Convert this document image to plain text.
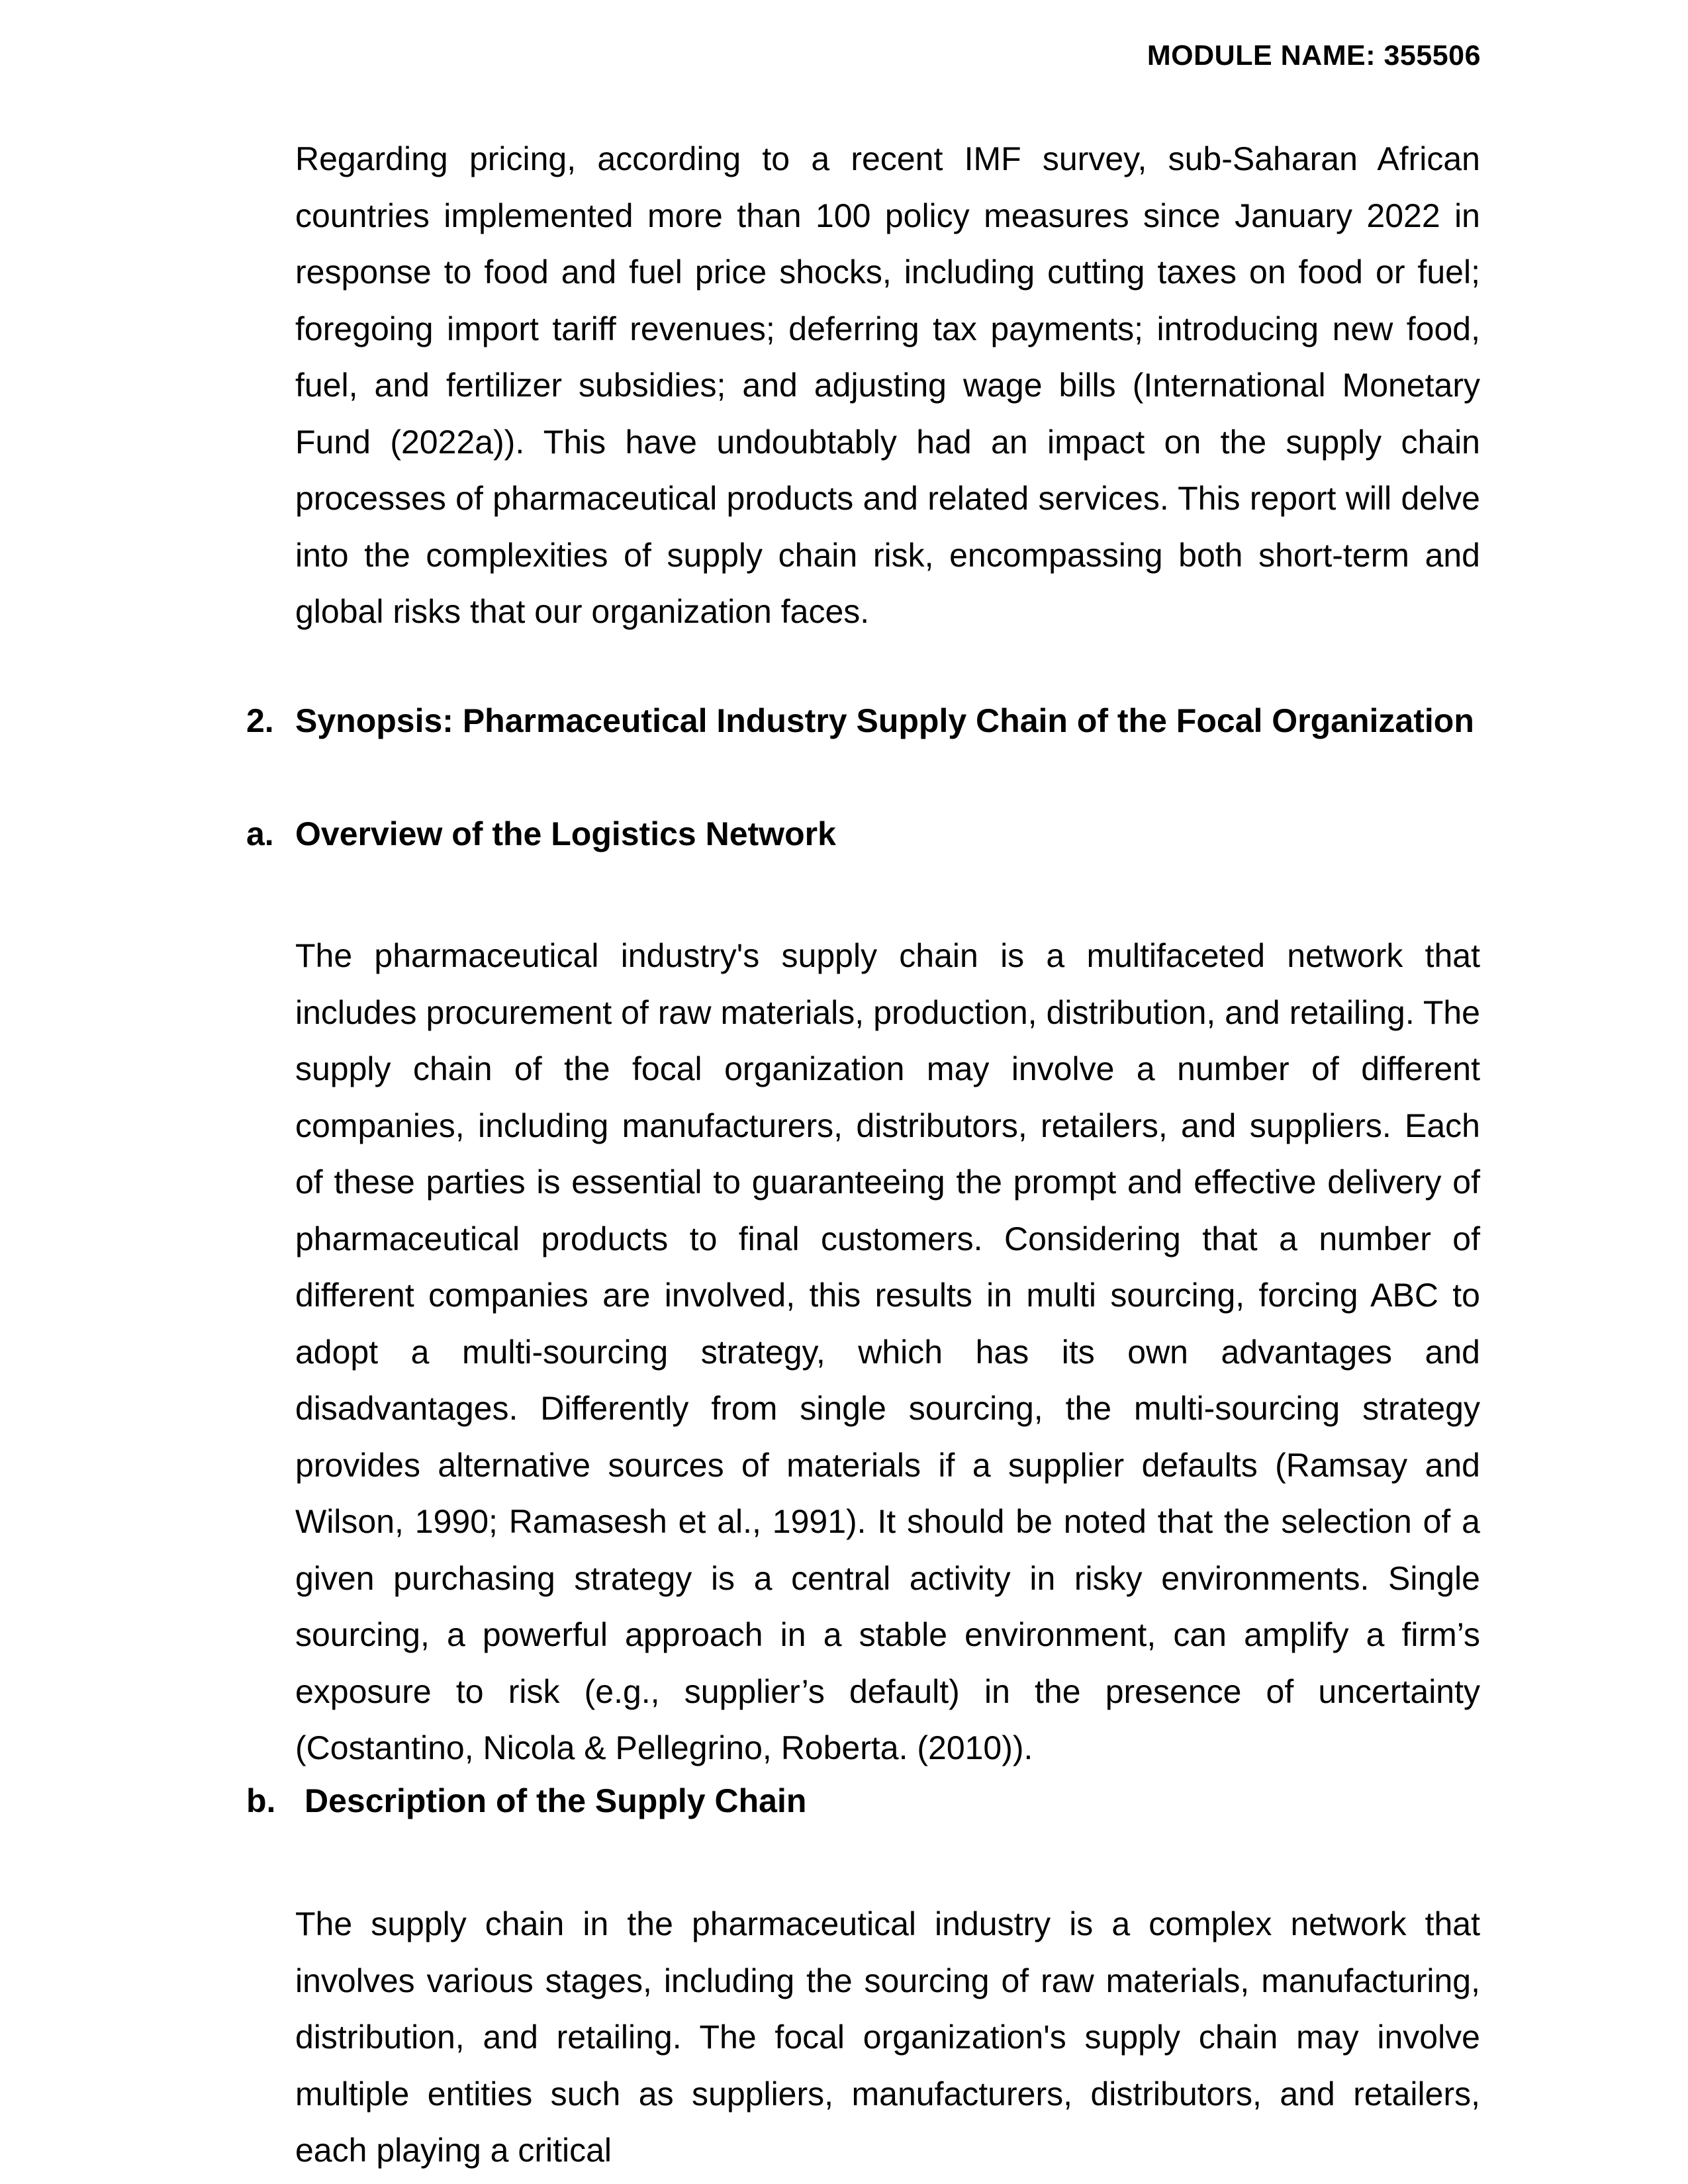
MODULE NAME: 355506

Regarding pricing, according to a recent IMF survey, sub-Saharan African countries implemented more than 100 policy measures since January 2022 in response to food and fuel price shocks, including cutting taxes on food or fuel; foregoing import tariff revenues; deferring tax payments; introducing new food, fuel, and fertilizer subsidies; and adjusting wage bills (International Monetary Fund (2022a)). This have undoubtably had an impact on the supply chain processes of pharmaceutical products and related services. This report will delve into the complexities of supply chain risk, encompassing both short-term and global risks that our organization faces.

2. Synopsis: Pharmaceutical Industry Supply Chain of the Focal Organization
a. Overview of the Logistics Network

The pharmaceutical industry's supply chain is a multifaceted network that includes procurement of raw materials, production, distribution, and retailing. The supply chain of the focal organization may involve a number of different companies, including manufacturers, distributors, retailers, and suppliers. Each of these parties is essential to guaranteeing the prompt and effective delivery of pharmaceutical products to final customers. Considering that a number of different companies are involved, this results in multi sourcing, forcing ABC to adopt a multi-sourcing strategy, which has its own advantages and disadvantages. Differently from single sourcing, the multi-sourcing strategy provides alternative sources of materials if a supplier defaults (Ramsay and Wilson, 1990; Ramasesh et al., 1991). It should be noted that the selection of a given purchasing strategy is a central activity in risky environments. Single sourcing, a powerful approach in a stable environment, can amplify a firm’s exposure to risk (e.g., supplier’s default) in the presence of uncertainty (Costantino, Nicola & Pellegrino, Roberta. (2010)).

b. Description of the Supply Chain

The supply chain in the pharmaceutical industry is a complex network that involves various stages, including the sourcing of raw materials, manufacturing, distribution, and retailing. The focal organization's supply chain may involve multiple entities such as suppliers, manufacturers, distributors, and retailers, each playing a critical
